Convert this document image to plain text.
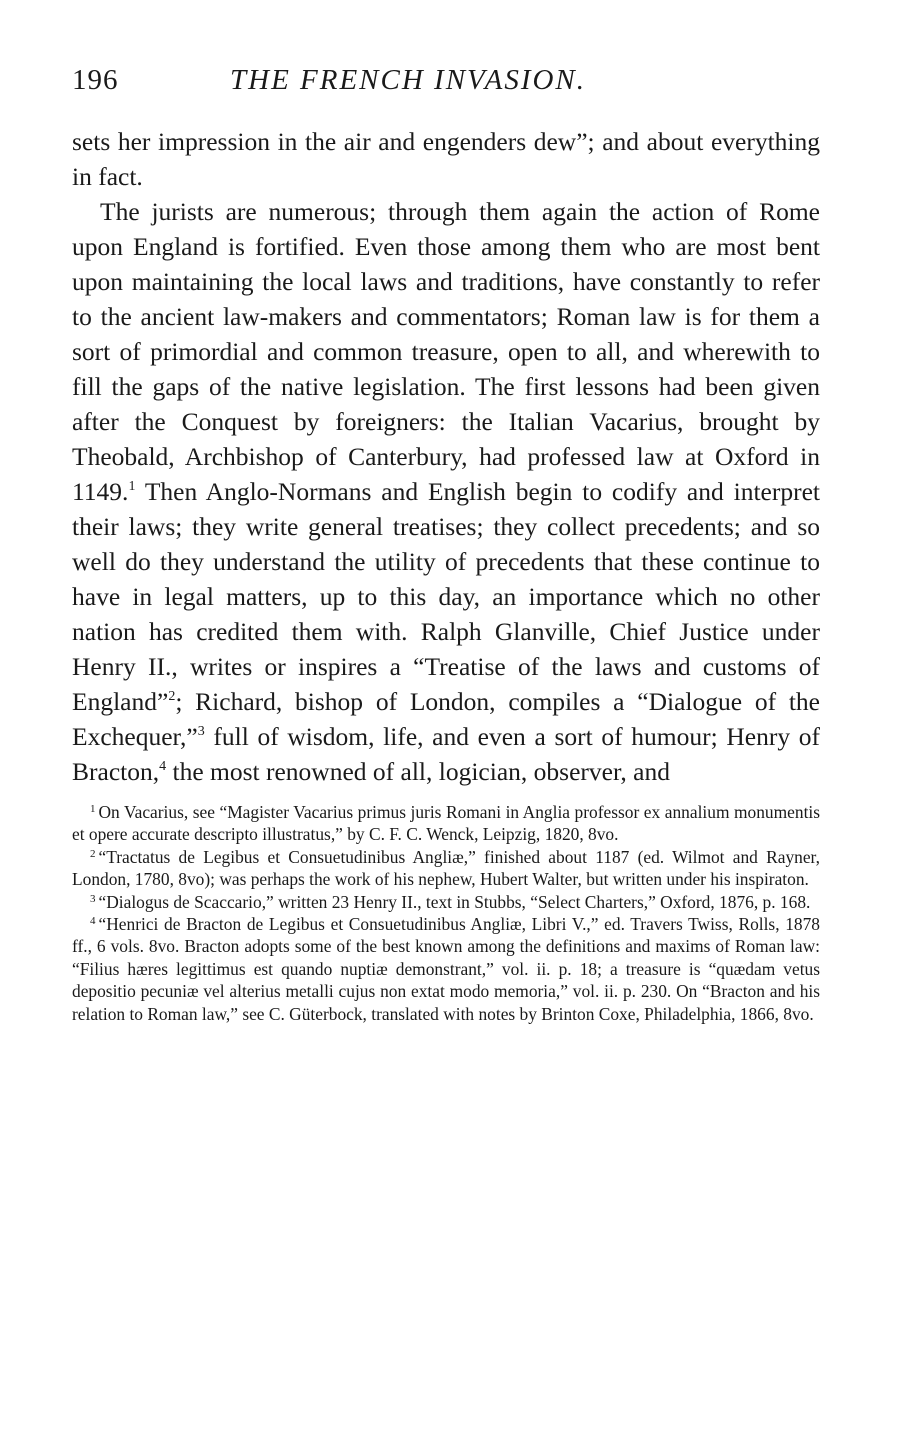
196	THE FRENCH INVASION.

sets her impression in the air and engenders dew”; and about everything in fact.

The jurists are numerous; through them again the action of Rome upon England is fortified. Even those among them who are most bent upon maintaining the local laws and traditions, have constantly to refer to the ancient law-makers and commentators; Roman law is for them a sort of primordial and common treasure, open to all, and wherewith to fill the gaps of the native legislation. The first lessons had been given after the Conquest by foreigners: the Italian Vacarius, brought by Theobald, Archbishop of Canterbury, had professed law at Oxford in 1149.$^1$ Then Anglo-Normans and English begin to codify and interpret their laws; they write general treatises; they collect precedents; and so well do they understand the utility of precedents that these continue to have in legal matters, up to this day, an importance which no other nation has credited them with. Ralph Glanville, Chief Justice under Henry II., writes or inspires a “Treatise of the laws and customs of England”$^2$; Richard, bishop of London, compiles a “Dialogue of the Exchequer,”$^3$ full of wisdom, life, and even a sort of humour; Henry of Bracton,$^4$ the most renowned of all, logician, observer, and

$^1$ On Vacarius, see “Magister Vacarius primus juris Romani in Anglia professor ex annalium monumentis et opere accurate descripto illustratus,” by C. F. C. Wenck, Leipzig, 1820, 8vo.

$^2$ “Tractatus de Legibus et Consuetudinibus Angliæ,” finished about 1187 (ed. Wilmot and Rayner, London, 1780, 8vo); was perhaps the work of his nephew, Hubert Walter, but written under his inspiraton.

$^3$ “Dialogus de Scaccario,” written 23 Henry II., text in Stubbs, “Select Charters,” Oxford, 1876, p. 168.

$^4$ “Henrici de Bracton de Legibus et Consuetudinibus Angliæ, Libri V.,” ed. Travers Twiss, Rolls, 1878 ff., 6 vols. 8vo. Bracton adopts some of the best known among the definitions and maxims of Roman law: “Filius hæres legittimus est quando nuptiæ demonstrant,” vol. ii. p. 18; a treasure is “quædam vetus depositio pecuniæ vel alterius metalli cujus non extat modo memoria,” vol. ii. p. 230. On “Bracton and his relation to Roman law,” see C. Güterbock, translated with notes by Brinton Coxe, Philadelphia, 1866, 8vo.
